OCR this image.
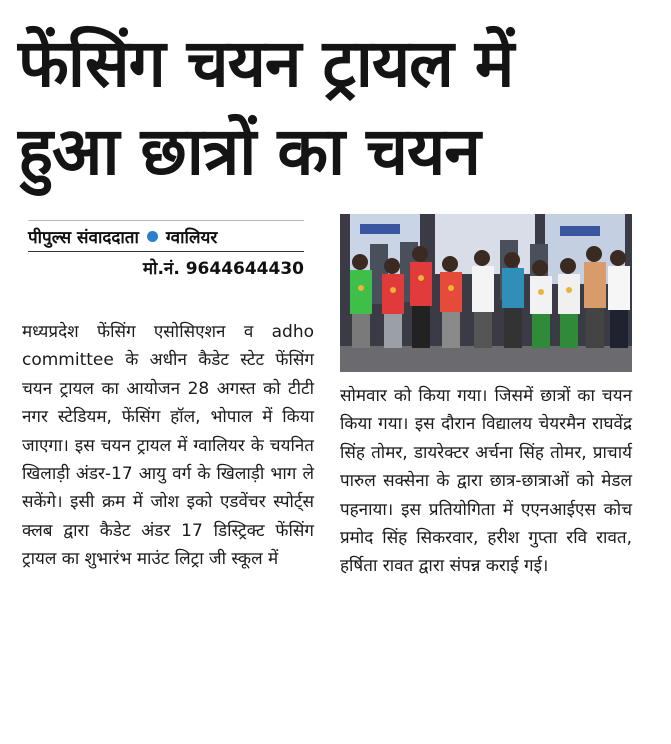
फेंसिंग चयन ट्रायल में
हुआ छात्रों का चयन
पीपुल्स संवाददाता ग्वालियर
मो.नं. 9644644430
मध्यप्रदेश फेंसिंग एसोसिएशन व adho committee के अधीन कैडेट स्टेट फेंसिंग चयन ट्रायल का आयोजन 28 अगस्त को टीटी नगर स्टेडियम, फेंसिंग हॉल, भोपाल में किया जाएगा। इस चयन ट्रायल में ग्वालियर के चयनित खिलाड़ी अंडर-17 आयु वर्ग के खिलाड़ी भाग ले सकेंगे। इसी क्रम में जोश इको एडवेंचर स्पोर्ट्स क्लब द्वारा कैडेट अंडर 17 डिस्ट्रिक्ट फेंसिंग ट्रायल का शुभारंभ माउंट लिट्रा जी स्कूल में
सोमवार को किया गया। जिसमें छात्रों का चयन किया गया। इस दौरान विद्यालय चेयरमैन राघवेंद्र सिंह तोमर, डायरेक्टर अर्चना सिंह तोमर, प्राचार्य पारुल सक्सेना के द्वारा छात्र-छात्राओं को मेडल पहनाया। इस प्रतियोगिता में एएनआईएस कोच प्रमोद सिंह सिकरवार, हरीश गुप्ता रवि रावत, हर्षिता रावत द्वारा संपन्न कराई गई।
